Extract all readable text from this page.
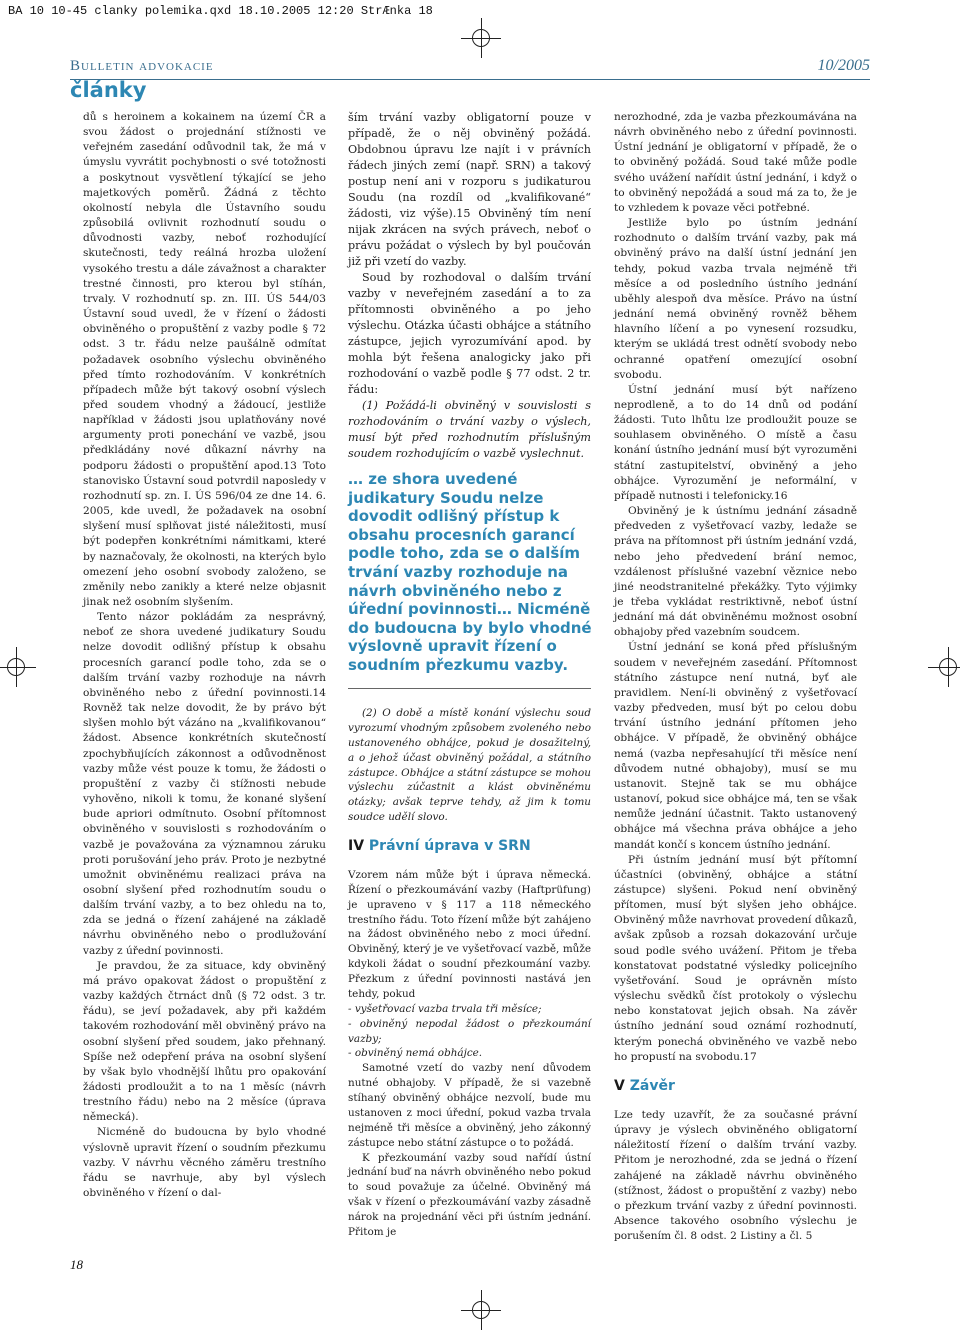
BA 10 10-45 clanky polemika.qxd 18.10.2005 12:20 StrÆnka 18
Bulletin advokacie	10/2005
články

dů s heroinem a kokainem na území ČR a svou žádost o projednání stížnosti ve veřejném zasedání odůvodnil tak, že má v úmyslu vyvrátit pochybnosti o své totožnosti a poskytnout vysvětlení týkající se jeho majetkových poměrů. Žádná z těchto okolností nebyla dle Ústavního soudu způsobilá ovlivnit rozhodnutí soudu o důvodnosti vazby, neboť rozhodující skutečnosti, tedy reálná hrozba uložení vysokého trestu a dále závažnost a charakter trestné činnosti, pro kterou byl stíhán, trvaly. V rozhodnutí sp. zn. III. ÚS 544/03 Ústavní soud uvedl, že v řízení o žádosti obviněného o propuštění z vazby podle § 72 odst. 3 tr. řádu nelze paušálně odmítat požadavek osobního výslechu obviněného před tímto rozhodováním. V konkrétních případech může být takový osobní výslech před soudem vhodný a žádoucí, jestliže například v žádosti jsou uplatňovány nové argumenty proti ponechání ve vazbě, jsou předkládány nové důkazní návrhy na podporu žádosti o propuštění apod.13 Toto stanovisko Ústavní soud potvrdil naposledy v rozhodnutí sp. zn. I. ÚS 596/04 ze dne 14. 6. 2005, kde uvedl, že požadavek na osobní slyšení musí splňovat jisté náležitosti, musí být podepřen konkrétními námitkami, které by naznačovaly, že okolnosti, na kterých bylo omezení jeho osobní svobody založeno, se změnily nebo zanikly a které nelze objasnit jinak než osobním slyšením.

Tento názor pokládám za nesprávný, neboť ze shora uvedené judikatury Soudu nelze dovodit odlišný přístup k obsahu procesních garancí podle toho, zda se o dalším trvání vazby rozhoduje na návrh obviněného nebo z úřední povinnosti.14 Rovněž tak nelze dovodit, že by právo být slyšen mohlo být vázáno na „kvalifikovanou“ žádost. Absence konkrétních skutečností zpochybňujících zákonnost a odůvodněnost vazby může vést pouze k tomu, že žádosti o propuštění z vazby či stížnosti nebude vyhověno, nikoli k tomu, že konané slyšení bude apriori odmítnuto. Osobní přítomnost obviněného v souvislosti s rozhodováním o vazbě je považována za významnou záruku proti porušování jeho práv. Proto je nezbytné umožnit obviněnému realizaci práva na osobní slyšení před rozhodnutím soudu o dalším trvání vazby, a to bez ohledu na to, zda se jedná o řízení zahájené na základě návrhu obviněného nebo o prodlužování vazby z úřední povinnosti.

Je pravdou, že za situace, kdy obviněný má právo opakovat žádost o propuštění z vazby každých čtrnáct dnů (§ 72 odst. 3 tr. řádu), se jeví požadavek, aby při každém takovém rozhodování měl obviněný právo na osobní slyšení před soudem, jako přehnaný. Spíše než odepření práva na osobní slyšení by však bylo vhodnější lhůtu pro opakování žádosti prodloužit a to na 1 měsíc (návrh trestního řádu) nebo na 2 měsíce (úprava německá).

Nicméně do budoucna by bylo vhodné výslovně upravit řízení o soudním přezkumu vazby. V návrhu věcného záměru trestního řádu se navrhuje, aby byl výslech obviněného v řízení o dal-

ším trvání vazby obligatorní pouze v případě, že o něj obviněný požádá. Obdobnou úpravu lze najít i v právních řádech jiných zemí (např. SRN) a takový postup není ani v rozporu s judikaturou Soudu (na rozdíl od „kvalifikované“ žádosti, viz výše).15 Obviněný tím není nijak zkrácen na svých právech, neboť o právu požádat o výslech by byl poučován již při vzetí do vazby.

Soud by rozhodoval o dalším trvání vazby v neveřejném zasedání a to za přítomnosti obviněného a po jeho výslechu. Otázka účasti obhájce a státního zástupce, jejich vyrozumívání apod. by mohla být řešena analogicky jako při rozhodování o vazbě podle § 77 odst. 2 tr. řádu:

(1) Požádá-li obviněný v souvislosti s rozhodováním o trvání vazby o výslech, musí být před rozhodnutím příslušným soudem rozhodujícím o vazbě vyslechnut.

… ze shora uvedené judikatury Soudu nelze dovodit odlišný přístup k obsahu procesních garancí podle toho, zda se o dalším trvání vazby rozhoduje na návrh obviněného nebo z úřední povinnosti… Nicméně do budoucna by bylo vhodné výslovně upravit řízení o soudním přezkumu vazby.

(2) O době a místě konání výslechu soud vyrozumí vhodným způsobem zvoleného nebo ustanoveného obhájce, pokud je dosažitelný, a o jehož účast obviněný požádal, a státního zástupce. Obhájce a státní zástupce se mohou výslechu zúčastnit a klást obviněnému otázky; avšak teprve tehdy, až jim k tomu soudce udělí slovo.

IV Právní úprava v SRN

Vzorem nám může být i úprava německá. Řízení o přezkoumávání vazby (Haftprüfung) je upraveno v § 117 a 118 německého trestního řádu. Toto řízení může být zahájeno na žádost obviněného nebo z moci úřední. Obviněný, který je ve vyšetřovací vazbě, může kdykoli žádat o soudní přezkoumání vazby. Přezkum z úřední povinnosti nastává jen tehdy, pokud

- vyšetřovací vazba trvala tři měsíce;

- obviněný nepodal žádost o přezkoumání vazby;

- obviněný nemá obhájce.

Samotné vzetí do vazby není důvodem nutné obhajoby. V případě, že si vazebně stíhaný obviněný obhájce nezvolí, bude mu ustanoven z moci úřední, pokud vazba trvala nejméně tři měsíce a obviněný, jeho zákonný zástupce nebo státní zástupce o to požádá.

K přezkoumání vazby soud nařídí ústní jednání buď na návrh obviněného nebo pokud to soud považuje za účelné. Obviněný má však v řízení o přezkoumávání vazby zásadně nárok na projednání věci při ústním jednání. Přitom je

nerozhodné, zda je vazba přezkoumávána na návrh obviněného nebo z úřední povinnosti. Ústní jednání je obligatorní v případě, že o to obviněný požádá. Soud také může podle svého uvážení nařídit ústní jednání, i když o to obviněný nepožádá a soud má za to, že je to vzhledem k povaze věci potřebné.

Jestliže bylo po ústním jednání rozhodnuto o dalším trvání vazby, pak má obviněný právo na další ústní jednání jen tehdy, pokud vazba trvala nejméně tři měsíce a od posledního ústního jednání uběhly alespoň dva měsíce. Právo na ústní jednání nemá obviněný rovněž během hlavního líčení a po vynesení rozsudku, kterým se ukládá trest odnětí svobody nebo ochranné opatření omezující osobní svobodu.

Ústní jednání musí být nařízeno neprodleně, a to do 14 dnů od podání žádosti. Tuto lhůtu lze prodloužit pouze se souhlasem obviněného. O místě a času konání ústního jednání musí být vyrozuměni státní zastupitelství, obviněný a jeho obhájce. Vyrozumění je neformální, v případě nutnosti i telefonicky.16

Obviněný je k ústnímu jednání zásadně předveden z vyšetřovací vazby, ledaže se práva na přítomnost při ústním jednání vzdá, nebo jeho předvedení brání nemoc, vzdálenost příslušné vazební věznice nebo jiné neodstranitelné překážky. Tyto výjimky je třeba vykládat restriktivně, neboť ústní jednání má dát obviněnému možnost osobní obhajoby před vazebním soudcem.

Ústní jednání se koná před příslušným soudem v neveřejném zasedání. Přítomnost státního zástupce není nutná, byť ale pravidlem. Není-li obviněný z vyšetřovací vazby předveden, musí být po celou dobu trvání ústního jednání přítomen jeho obhájce. V případě, že obviněný obhájce nemá (vazba nepřesahující tři měsíce není důvodem nutné obhajoby), musí se mu ustanovit. Stejně tak se mu obhájce ustanoví, pokud sice obhájce má, ten se však nemůže jednání účastnit. Takto ustanovený obhájce má všechna práva obhájce a jeho mandát končí s koncem ústního jednání.

Při ústním jednání musí být přítomní účastníci (obviněný, obhájce a státní zástupce) slyšeni. Pokud není obviněný přítomen, musí být slyšen jeho obhájce. Obviněný může navrhovat provedení důkazů, avšak způsob a rozsah dokazování určuje soud podle svého uvážení. Přitom je třeba konstatovat podstatné výsledky policejního vyšetřování. Soud je oprávněn místo výslechu svědků číst protokoly o výslechu nebo konstatovat jejich obsah. Na závěr ústního jednání soud oznámí rozhodnutí, kterým ponechá obviněného ve vazbě nebo ho propustí na svobodu.17

V Závěr

Lze tedy uzavřít, že za současné právní úpravy je výslech obviněného obligatorní náležitostí řízení o dalším trvání vazby. Přitom je nerozhodné, zda se jedná o řízení zahájené na základě návrhu obviněného (stížnost, žádost o propuštění z vazby) nebo o přezkum trvání vazby z úřední povinnosti. Absence takového osobního výslechu je porušením čl. 8 odst. 2 Listiny a čl. 5

18
